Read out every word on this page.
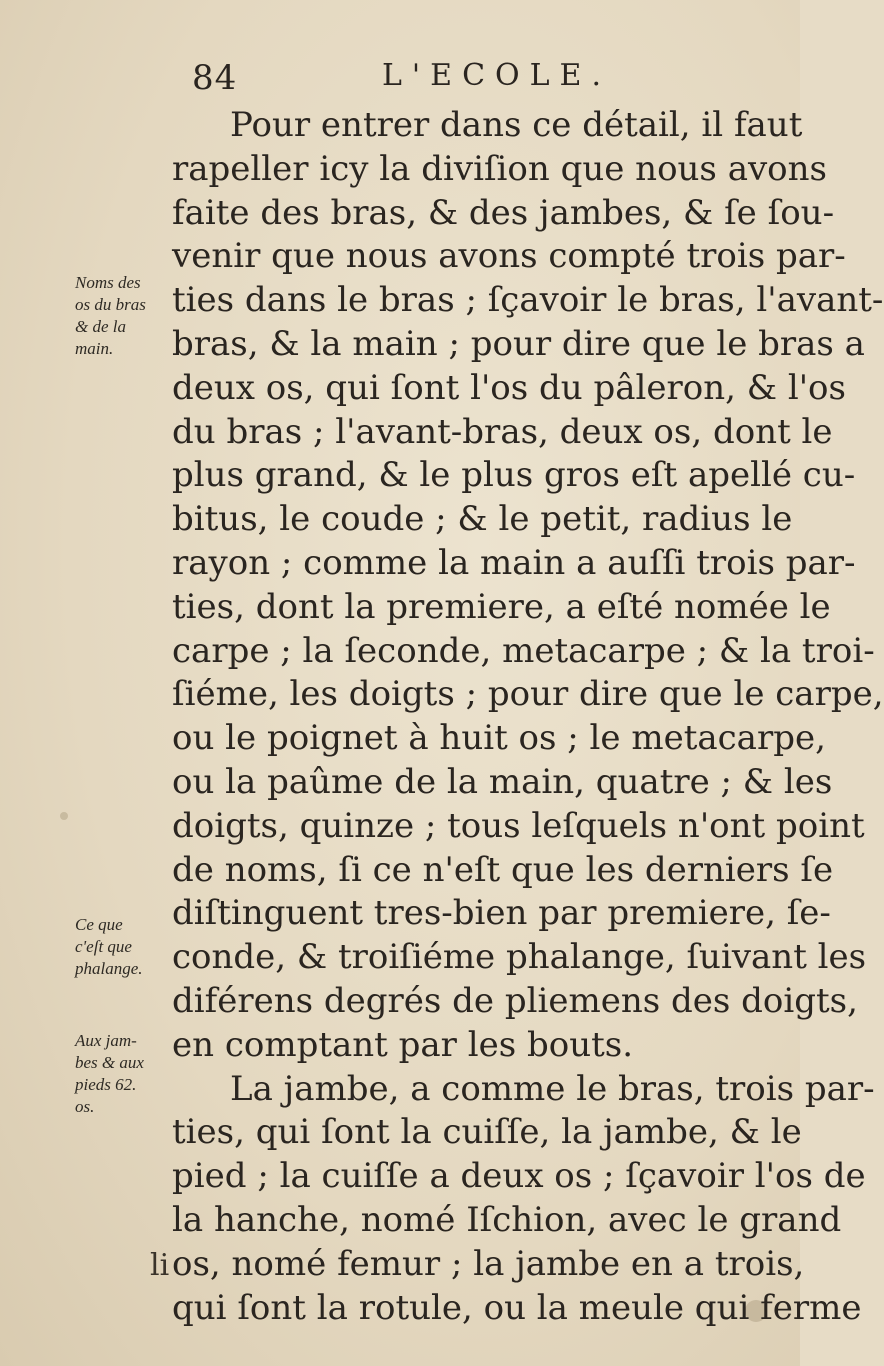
84	L'ECOLE.
Pour entrer dans ce détail, il faut
rapeller icy la diviſion que nous avons
faite des bras, & des jambes, & ſe ſou-
venir que nous avons compté trois par-
ties dans le bras ; ſçavoir le bras, l'avant-
bras, & la main ; pour dire que le bras a
deux os, qui ſont l'os du pâleron, & l'os
du bras ; l'avant-bras, deux os, dont le
plus grand, & le plus gros eſt apellé cu-
bitus, le coude ; & le petit, radius le
rayon ; comme la main a auſſi trois par-
ties, dont la premiere, a eſté nomée le
carpe ; la ſeconde, metacarpe ; & la troi-
ſiéme, les doigts ; pour dire que le carpe,
ou le poignet à huit os ; le metacarpe,
ou la paûme de la main, quatre ; & les
doigts, quinze ; tous leſquels n'ont point
de noms, ſi ce n'eſt que les derniers ſe
diſtinguent tres-bien par premiere, ſe-
conde, & troiſiéme phalange, ſuivant les
diférens degrés de pliemens des doigts,
en comptant par les bouts.
La jambe, a comme le bras, trois par-
ties, qui ſont la cuiſſe, la jambe, & le
pied ; la cuiſſe a deux os ; ſçavoir l'os de
la hanche, nomé Iſchion, avec le grand
os, nomé femur ; la jambe en a trois,
qui ſont la rotule, ou la meule qui ferme
Noms des
os du bras
& de la
main.
Ce que
c'eſt que
phalange.
Aux jam-
bes & aux
pieds 62.
os.
li
